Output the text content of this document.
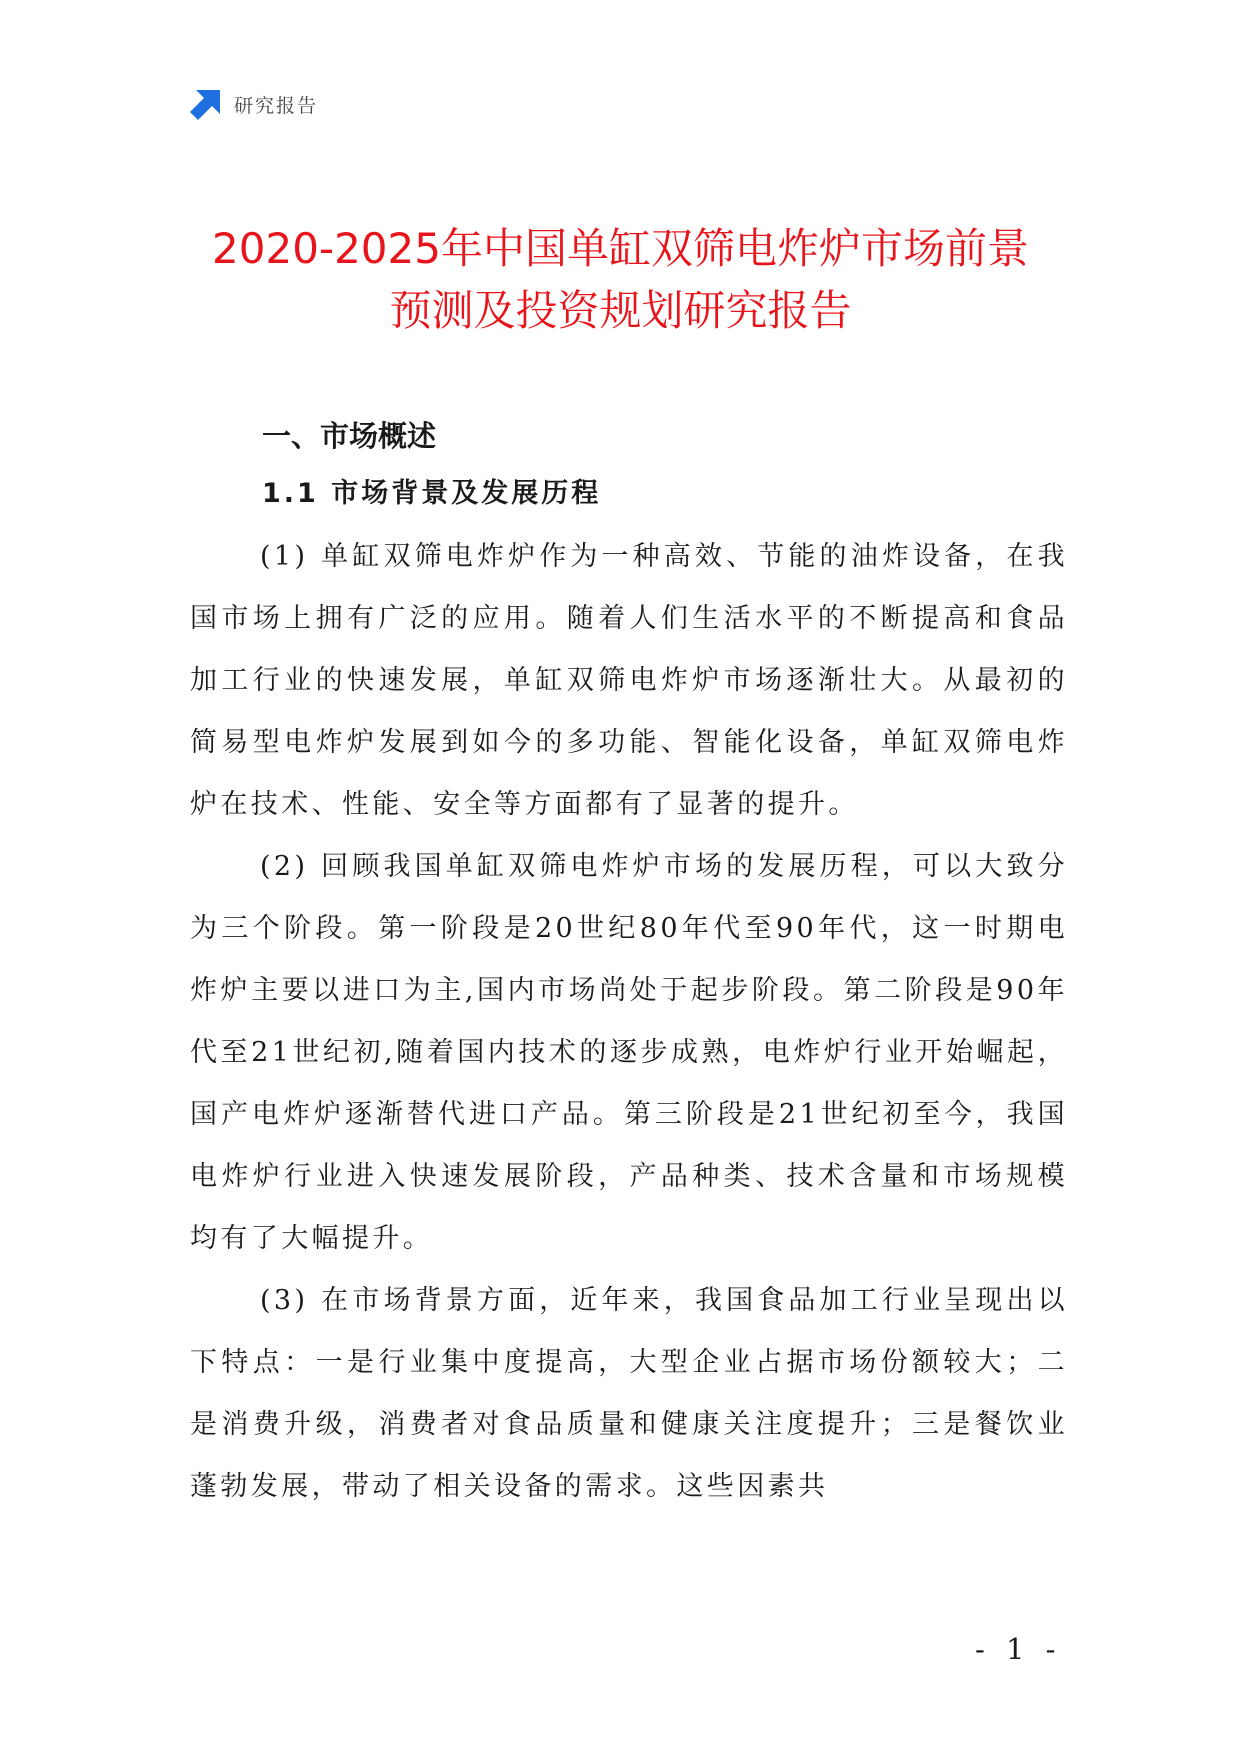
研究报告
2020-2025年中国单缸双筛电炸炉市场前景
预测及投资规划研究报告
一、市场概述
1.1 市场背景及发展历程

(1) 单缸双筛电炸炉作为一种高效、节能的油炸设备，在我国市场上拥有广泛的应用。随着人们生活水平的不断提高和食品加工行业的快速发展，单缸双筛电炸炉市场逐渐壮大。从最初的简易型电炸炉发展到如今的多功能、智能化设备，单缸双筛电炸炉在技术、性能、安全等方面都有了显著的提升。

(2) 回顾我国单缸双筛电炸炉市场的发展历程，可以大致分为三个阶段。第一阶段是20世纪80年代至90年代，这一时期电炸炉主要以进口为主,国内市场尚处于起步阶段。第二阶段是90年代至21世纪初,随着国内技术的逐步成熟，电炸炉行业开始崛起，国产电炸炉逐渐替代进口产品。第三阶段是21世纪初至今，我国电炸炉行业进入快速发展阶段，产品种类、技术含量和市场规模均有了大幅提升。

(3) 在市场背景方面，近年来，我国食品加工行业呈现出以下特点：一是行业集中度提高，大型企业占据市场份额较大；二是消费升级，消费者对食品质量和健康关注度提升；三是餐饮业蓬勃发展，带动了相关设备的需求。这些因素共

- 1 -
